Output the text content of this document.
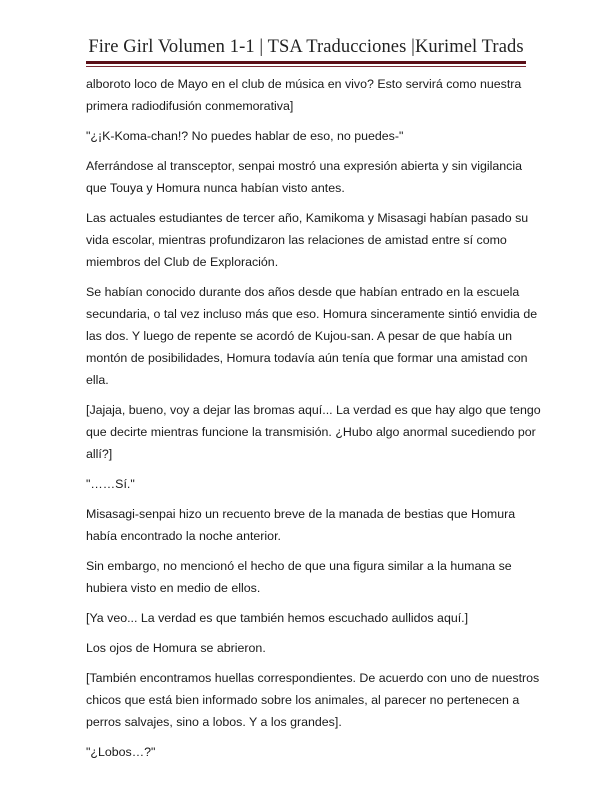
Fire Girl Volumen 1-1 | TSA Traducciones |Kurimel Trads

alboroto loco de Mayo en el club de música en vivo? Esto servirá como nuestra
primera radiodifusión conmemorativa]

"¿¡K-Koma-chan!? No puedes hablar de eso, no puedes-"

Aferrándose al transceptor, senpai mostró una expresión abierta y sin vigilancia
que Touya y Homura nunca habían visto antes.

Las actuales estudiantes de tercer año, Kamikoma y Misasagi habían pasado su
vida escolar, mientras profundizaron las relaciones de amistad entre sí como
miembros del Club de Exploración.

Se habían conocido durante dos años desde que habían entrado en la escuela
secundaria, o tal vez incluso más que eso. Homura sinceramente sintió envidia de
las dos. Y luego de repente se acordó de Kujou-san. A pesar de que había un
montón de posibilidades, Homura todavía aún tenía que formar una amistad con
ella.

[Jajaja, bueno, voy a dejar las bromas aquí... La verdad es que hay algo que tengo
que decirte mientras funcione la transmisión. ¿Hubo algo anormal sucediendo por
allí?]

"……Sí."

Misasagi-senpai hizo un recuento breve de la manada de bestias que Homura
había encontrado la noche anterior.

Sin embargo, no mencionó el hecho de que una figura similar a la humana se
hubiera visto en medio de ellos.

[Ya veo... La verdad es que también hemos escuchado aullidos aquí.]

Los ojos de Homura se abrieron.

[También encontramos huellas correspondientes. De acuerdo con uno de nuestros
chicos que está bien informado sobre los animales, al parecer no pertenecen a
perros salvajes, sino a lobos. Y a los grandes].

"¿Lobos…?"
